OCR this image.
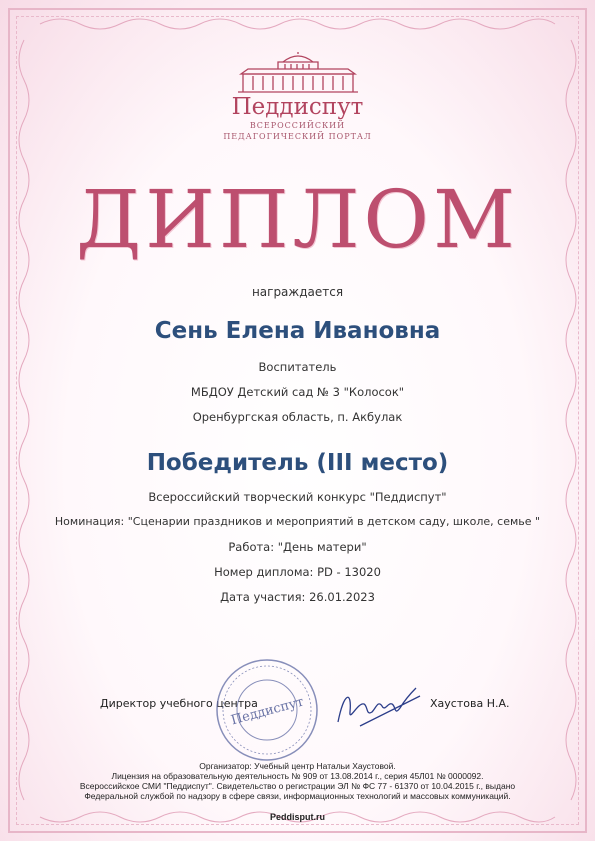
Педдиспут
ВСЕРОССИЙСКИЙ
ПЕДАГОГИЧЕСКИЙ ПОРТАЛ
ДИПЛОМ
награждается
Сень Елена Ивановна
Воспитатель
МБДОУ Детский сад № 3 "Колосок"
Оренбургская область, п. Акбулак
Победитель (III место)
Всероссийский творческий конкурс "Педдиспут"
Номинация: "Сценарии праздников и мероприятий в детском саду, школе, семье "
Работа: "День матери"
Номер диплома: PD - 13020
Дата участия: 26.01.2023
Директор учебного центра
Педдиспут	Хаустова Н.А.
Организатор: Учебный центр Натальи Хаустовой.
Лицензия на образовательную деятельность № 909 от 13.08.2014 г., серия 45Л01 № 0000092.
Всероссийское СМИ "Педдиспут". Свидетельство о регистрации ЭЛ № ФС 77 - 61370 от 10.04.2015 г., выдано
Федеральной службой по надзору в сфере связи, информационных технологий и массовых коммуникаций.
Peddisput.ru
